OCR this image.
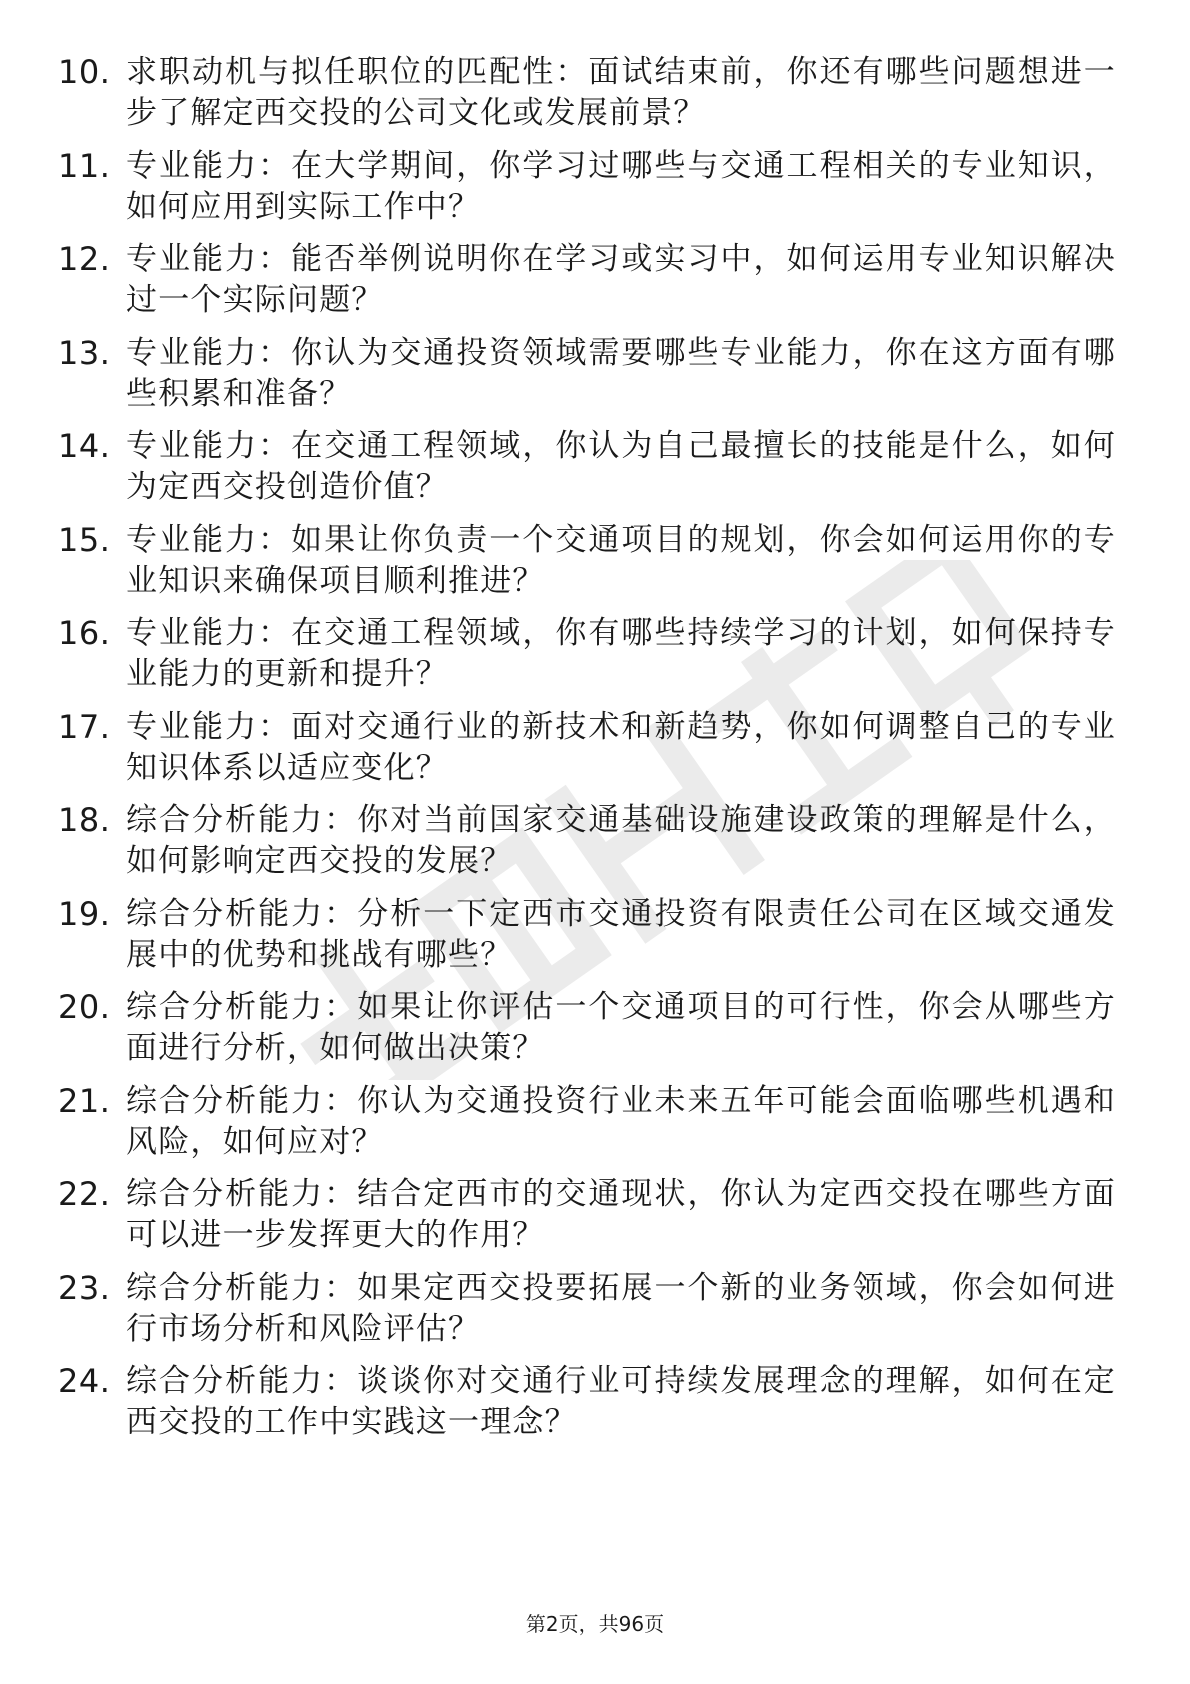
10. 求职动机与拟任职位的匹配性：面试结束前，你还有哪些问题想进一步了解定西交投的公司文化或发展前景？
11. 专业能力：在大学期间，你学习过哪些与交通工程相关的专业知识，如何应用到实际工作中？
12. 专业能力：能否举例说明你在学习或实习中，如何运用专业知识解决过一个实际问题？
13. 专业能力：你认为交通投资领域需要哪些专业能力，你在这方面有哪些积累和准备？
14. 专业能力：在交通工程领域，你认为自己最擅长的技能是什么，如何为定西交投创造价值？
15. 专业能力：如果让你负责一个交通项目的规划，你会如何运用你的专业知识来确保项目顺利推进？
16. 专业能力：在交通工程领域，你有哪些持续学习的计划，如何保持专业能力的更新和提升？
17. 专业能力：面对交通行业的新技术和新趋势，你如何调整自己的专业知识体系以适应变化？
18. 综合分析能力：你对当前国家交通基础设施建设政策的理解是什么，如何影响定西交投的发展？
19. 综合分析能力：分析一下定西市交通投资有限责任公司在区域交通发展中的优势和挑战有哪些？
20. 综合分析能力：如果让你评估一个交通项目的可行性，你会从哪些方面进行分析，如何做出决策？
21. 综合分析能力：你认为交通投资行业未来五年可能会面临哪些机遇和风险，如何应对？
22. 综合分析能力：结合定西市的交通现状，你认为定西交投在哪些方面可以进一步发挥更大的作用？
23. 综合分析能力：如果定西交投要拓展一个新的业务领域，你会如何进行市场分析和风险评估？
24. 综合分析能力：谈谈你对交通行业可持续发展理念的理解，如何在定西交投的工作中实践这一理念？
第2页，共96页
